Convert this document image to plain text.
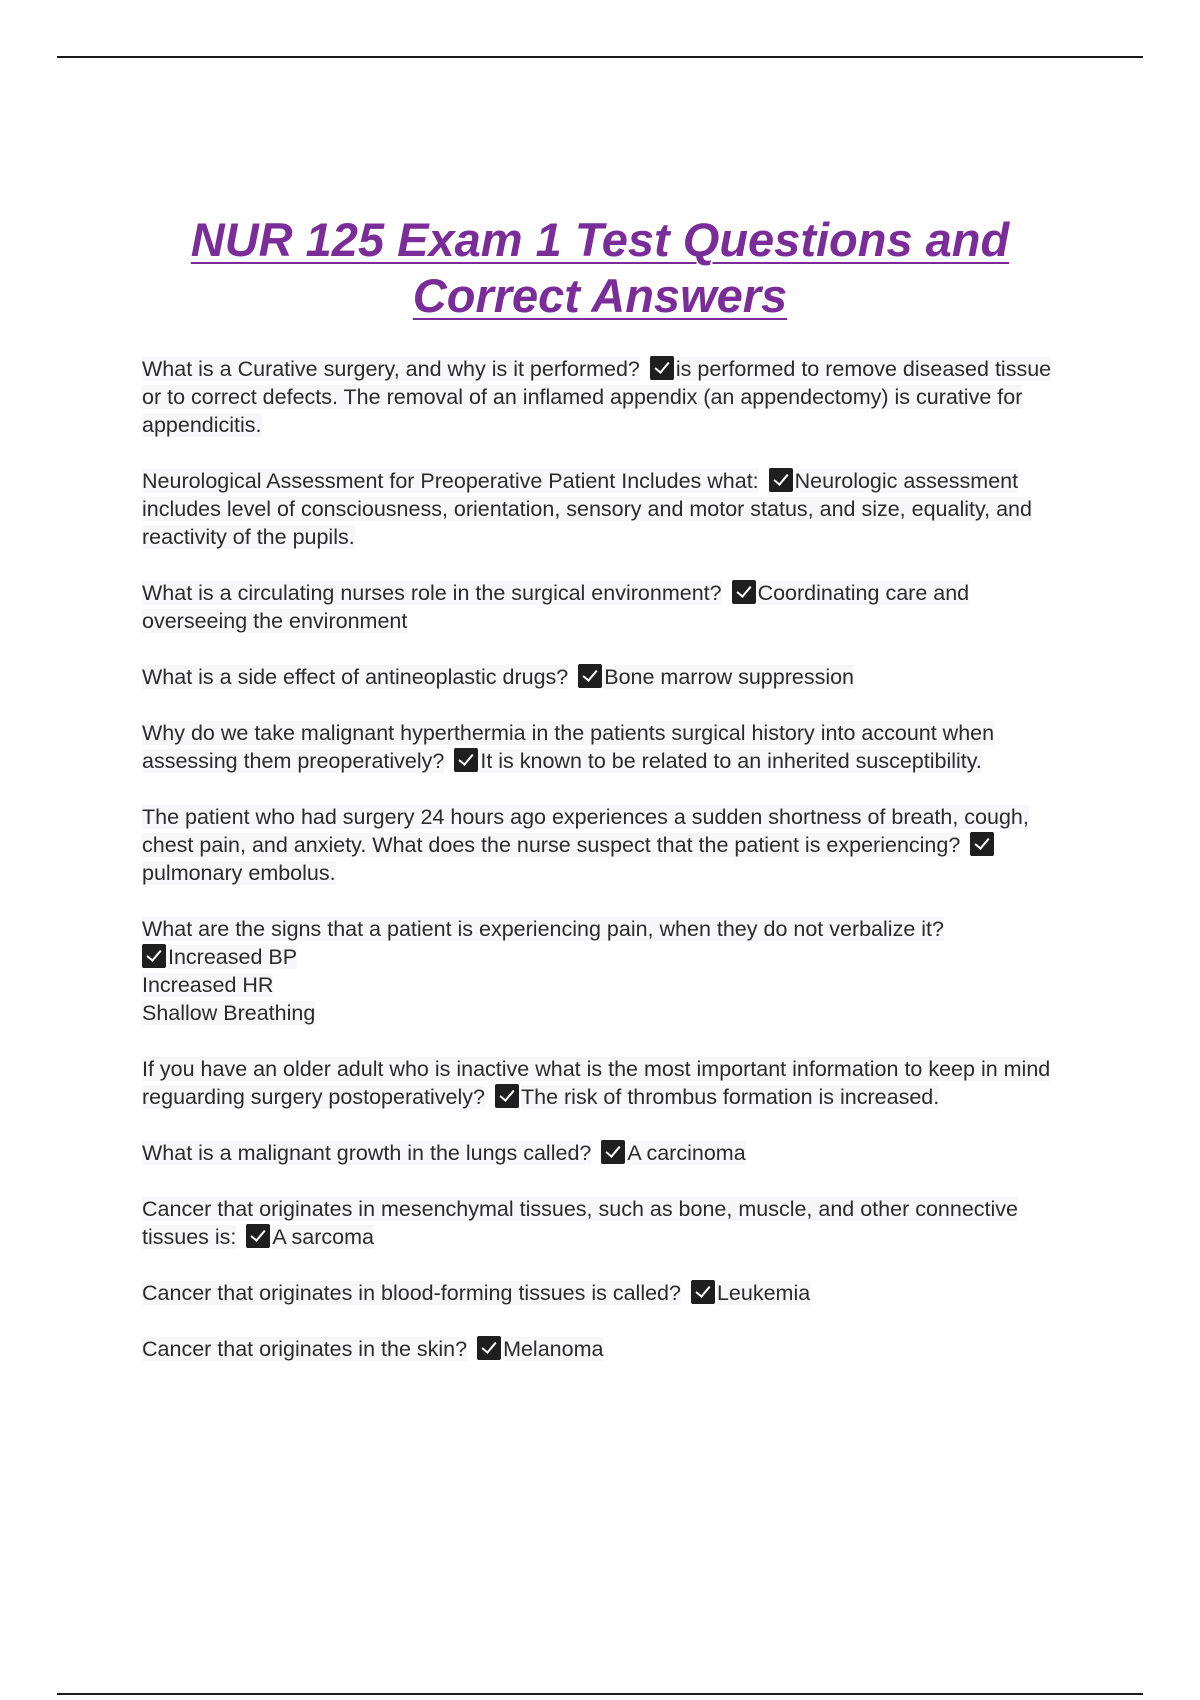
NUR 125 Exam 1 Test Questions and
Correct Answers
What is a Curative surgery, and why is it performed? is performed to remove diseased tissue or to correct defects. The removal of an inflamed appendix (an appendectomy) is curative for appendicitis.
Neurological Assessment for Preoperative Patient Includes what: Neurologic assessment includes level of consciousness, orientation, sensory and motor status, and size, equality, and reactivity of the pupils.
What is a circulating nurses role in the surgical environment? Coordinating care and overseeing the environment
What is a side effect of antineoplastic drugs? Bone marrow suppression
Why do we take malignant hyperthermia in the patients surgical history into account when assessing them preoperatively? It is known to be related to an inherited susceptibility.
The patient who had surgery 24 hours ago experiences a sudden shortness of breath, cough, chest pain, and anxiety. What does the nurse suspect that the patient is experiencing? pulmonary embolus.
What are the signs that a patient is experiencing pain, when they do not verbalize it?
Increased BP
Increased HR
Shallow Breathing
If you have an older adult who is inactive what is the most important information to keep in mind reguarding surgery postoperatively? The risk of thrombus formation is increased.
What is a malignant growth in the lungs called? A carcinoma
Cancer that originates in mesenchymal tissues, such as bone, muscle, and other connective tissues is: A sarcoma
Cancer that originates in blood-forming tissues is called? Leukemia
Cancer that originates in the skin? Melanoma
